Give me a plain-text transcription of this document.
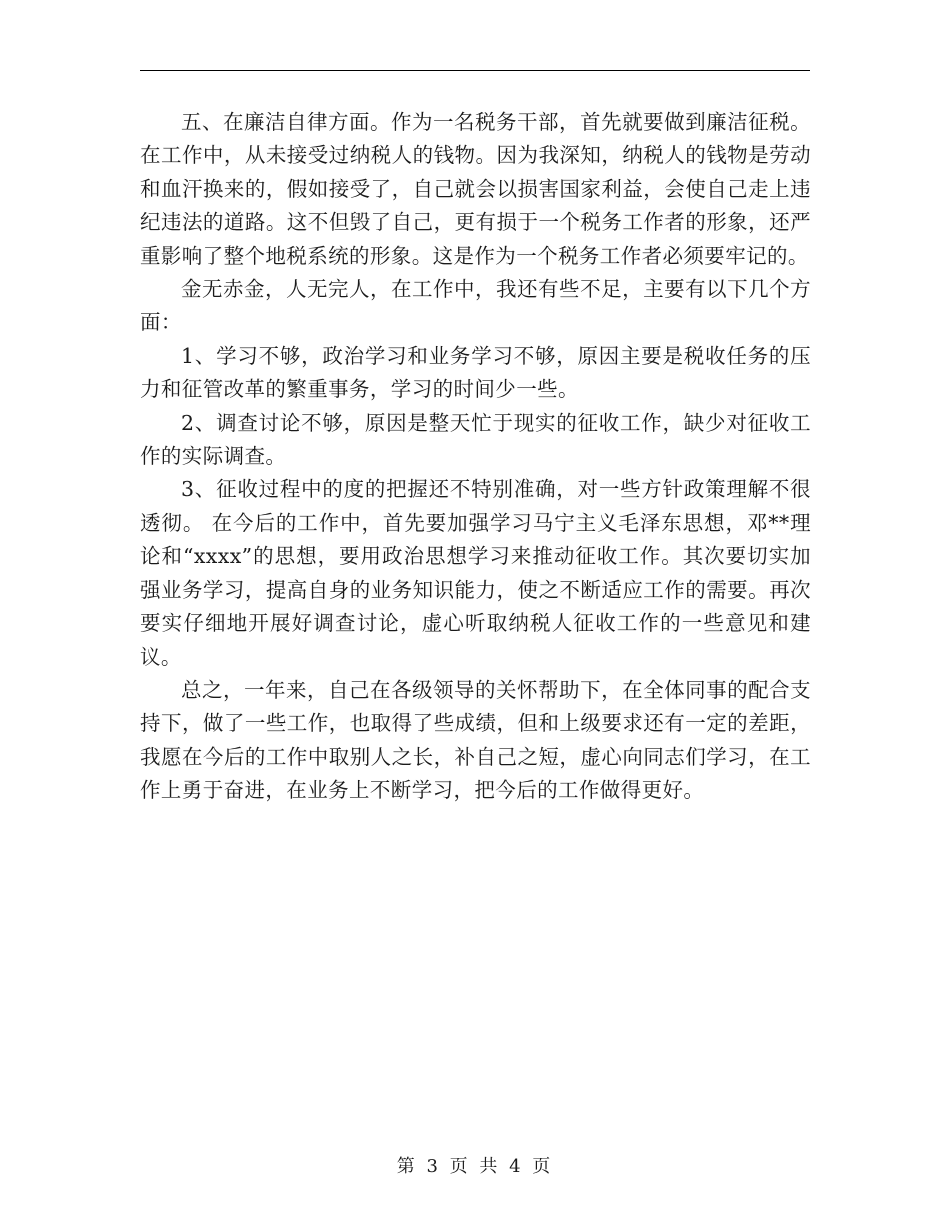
五、在廉洁自律方面。作为一名税务干部，首先就要做到廉洁征税。在工作中，从未接受过纳税人的钱物。因为我深知，纳税人的钱物是劳动和血汗换来的，假如接受了，自己就会以损害国家利益，会使自己走上违纪违法的道路。这不但毁了自己，更有损于一个税务工作者的形象，还严重影响了整个地税系统的形象。这是作为一个税务工作者必须要牢记的。

金无赤金，人无完人，在工作中，我还有些不足，主要有以下几个方面：

1、学习不够，政治学习和业务学习不够，原因主要是税收任务的压力和征管改革的繁重事务，学习的时间少一些。

2、调查讨论不够，原因是整天忙于现实的征收工作，缺少对征收工作的实际调查。

3、征收过程中的度的把握还不特别准确，对一些方针政策理解不很透彻。 在今后的工作中，首先要加强学习马宁主义毛泽东思想，邓**理论和“xxxx”的思想，要用政治思想学习来推动征收工作。其次要切实加强业务学习，提高自身的业务知识能力，使之不断适应工作的需要。再次要实仔细地开展好调查讨论，虚心听取纳税人征收工作的一些意见和建议。

总之，一年来，自己在各级领导的关怀帮助下，在全体同事的配合支持下，做了一些工作，也取得了些成绩，但和上级要求还有一定的差距，我愿在今后的工作中取别人之长，补自己之短，虚心向同志们学习，在工作上勇于奋进，在业务上不断学习，把今后的工作做得更好。

第 3 页 共 4 页
